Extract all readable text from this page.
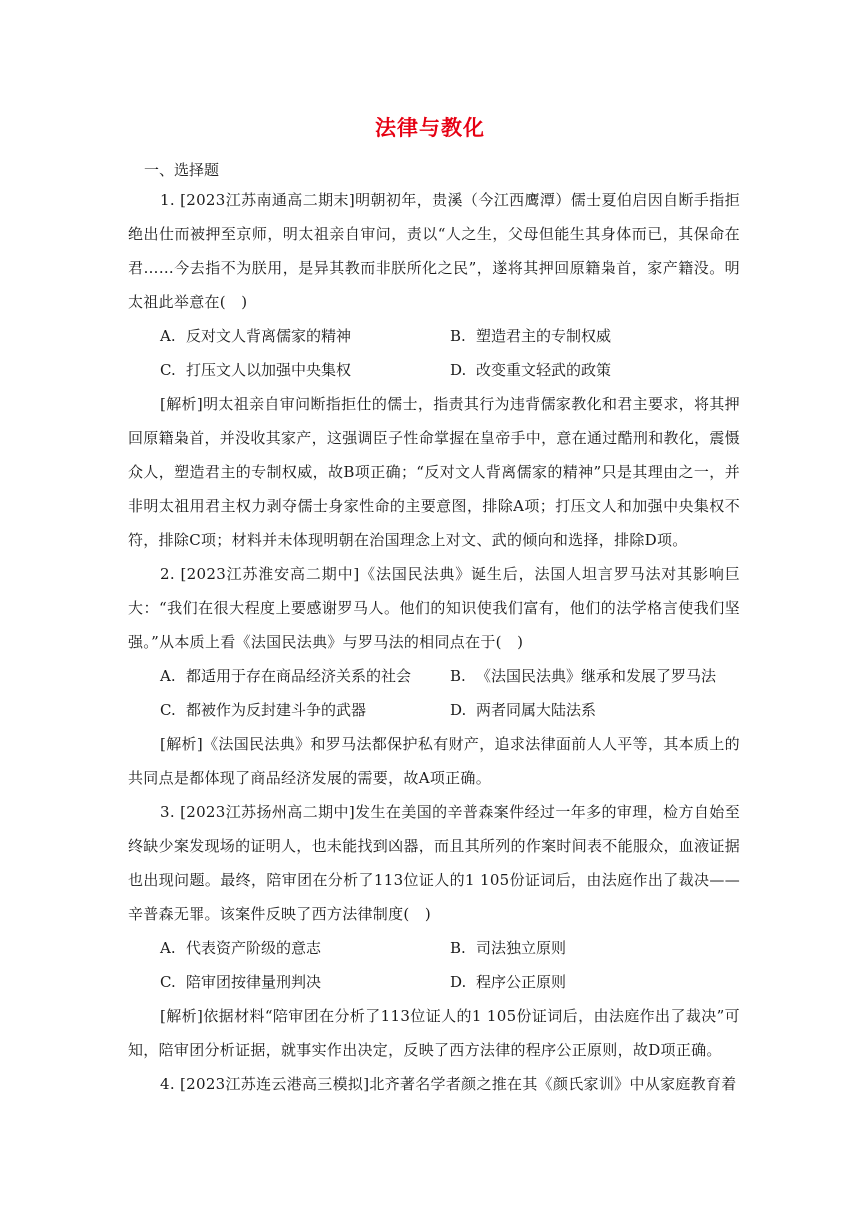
法律与教化
一、选择题
1. [2023江苏南通高二期末]明朝初年，贵溪（今江西鹰潭）儒士夏伯启因自断手指拒绝出仕而被押至京师，明太祖亲自审问，责以“人之生，父母但能生其身体而已，其保命在君……今去指不为朕用，是异其教而非朕所化之民”，遂将其押回原籍枭首，家产籍没。明太祖此举意在(　)
A. 反对文人背离儒家的精神	B. 塑造君主的专制权威
C. 打压文人以加强中央集权	D. 改变重文轻武的政策
[解析]明太祖亲自审问断指拒仕的儒士，指责其行为违背儒家教化和君主要求，将其押回原籍枭首，并没收其家产，这强调臣子性命掌握在皇帝手中，意在通过酷刑和教化，震慑众人，塑造君主的专制权威，故B项正确；“反对文人背离儒家的精神”只是其理由之一，并非明太祖用君主权力剥夺儒士身家性命的主要意图，排除A项；打压文人和加强中央集权不符，排除C项；材料并未体现明朝在治国理念上对文、武的倾向和选择，排除D项。
2. [2023江苏淮安高二期中]《法国民法典》诞生后，法国人坦言罗马法对其影响巨大：“我们在很大程度上要感谢罗马人。他们的知识使我们富有，他们的法学格言使我们坚强。”从本质上看《法国民法典》与罗马法的相同点在于(　)
A. 都适用于存在商品经济关系的社会	B. 《法国民法典》继承和发展了罗马法
C. 都被作为反封建斗争的武器	D. 两者同属大陆法系
[解析]《法国民法典》和罗马法都保护私有财产，追求法律面前人人平等，其本质上的共同点是都体现了商品经济发展的需要，故A项正确。
3. [2023江苏扬州高二期中]发生在美国的辛普森案件经过一年多的审理，检方自始至终缺少案发现场的证明人，也未能找到凶器，而且其所列的作案时间表不能服众，血液证据也出现问题。最终，陪审团在分析了113位证人的1 105份证词后，由法庭作出了裁决——辛普森无罪。该案件反映了西方法律制度(　)
A. 代表资产阶级的意志	B. 司法独立原则
C. 陪审团按律量刑判决	D. 程序公正原则
[解析]依据材料“陪审团在分析了113位证人的1 105份证词后，由法庭作出了裁决”可知，陪审团分析证据，就事实作出决定，反映了西方法律的程序公正原则，故D项正确。
4. [2023江苏连云港高三模拟]北齐著名学者颜之推在其《颜氏家训》中从家庭教育着
